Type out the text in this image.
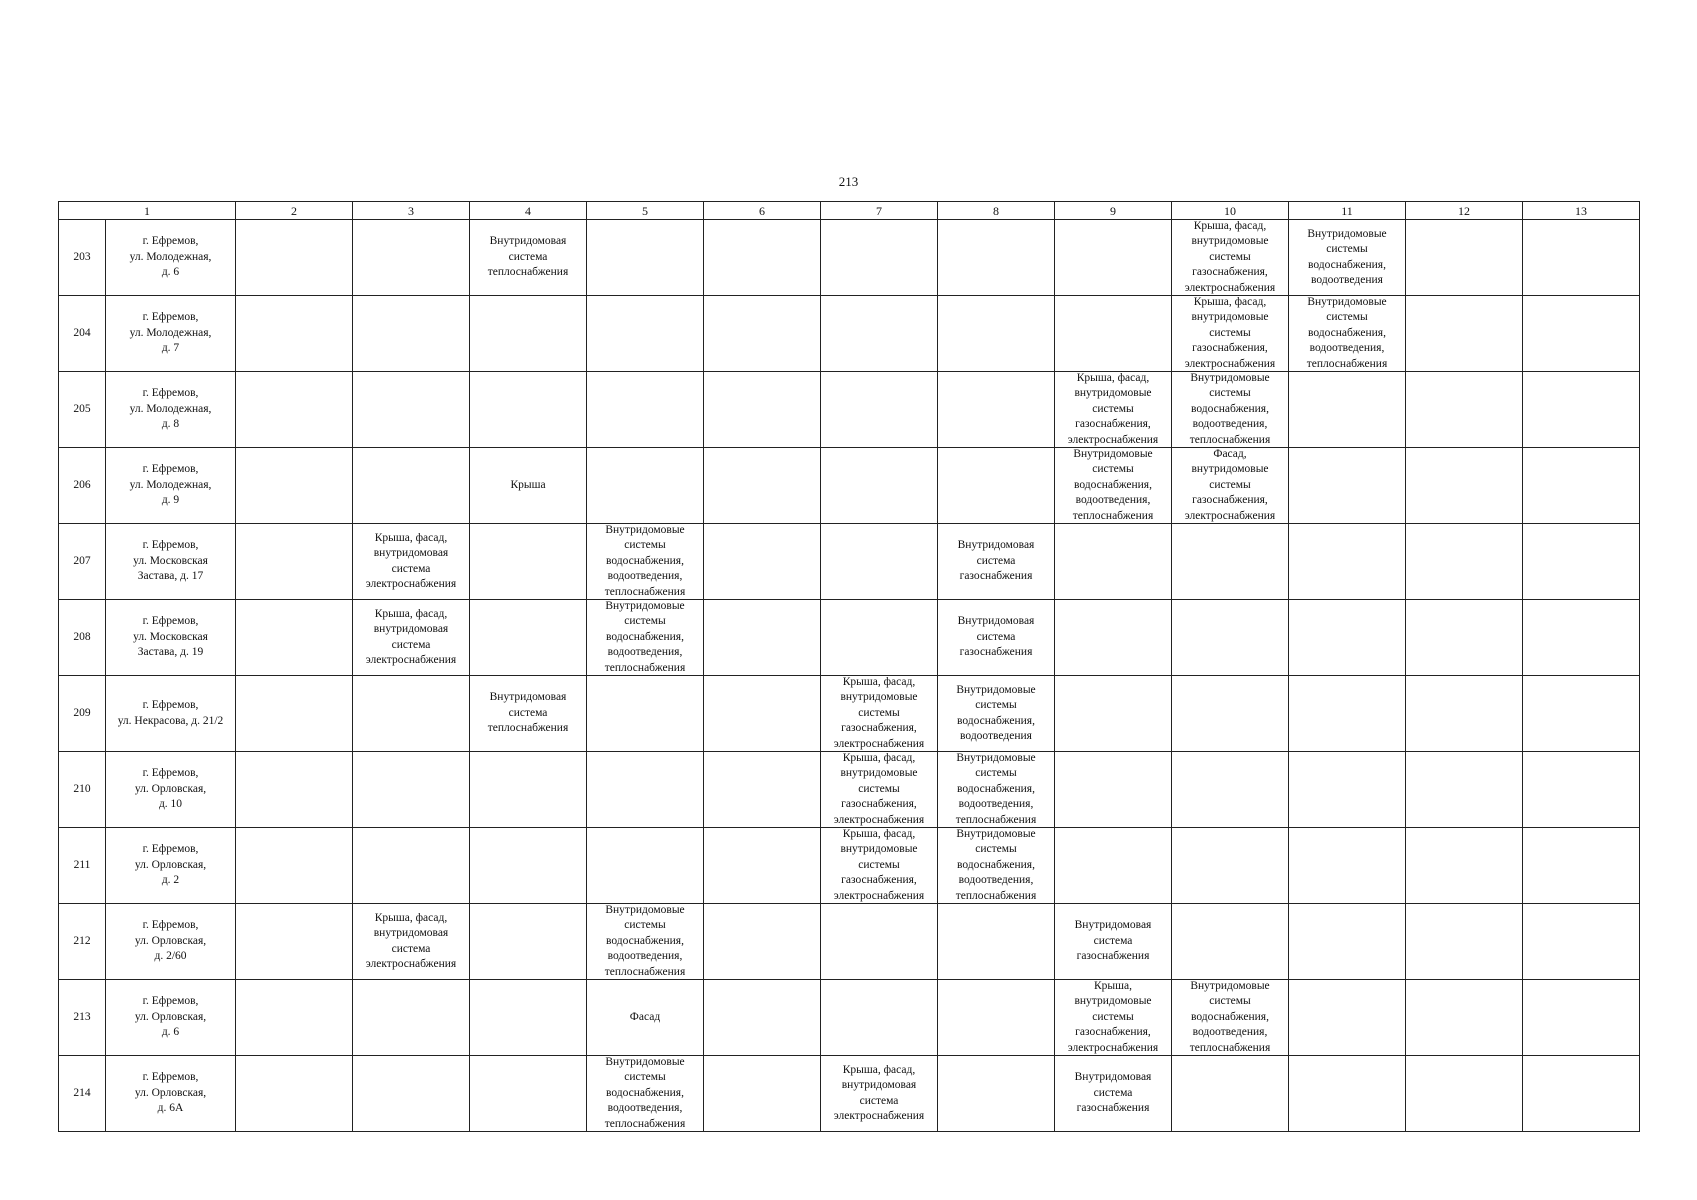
213
1		2	3	4	5	6	7	8	9	10	11	12	13

203	г. Ефремов,
ул. Молодежная,
д. 6			Внутридомовая
система
теплоснабжения						Крыша, фасад,
внутридомовые
системы
газоснабжения,
электроснабжения	Внутридомовые
системы
водоснабжения,
водоотведения		

204	г. Ефремов,
ул. Молодежная,
д. 7									Крыша, фасад,
внутридомовые
системы
газоснабжения,
электроснабжения	Внутридомовые
системы
водоснабжения,
водоотведения,
теплоснабжения		

205	г. Ефремов,
ул. Молодежная,
д. 8								Крыша, фасад,
внутридомовые
системы
газоснабжения,
электроснабжения	Внутридомовые
системы
водоснабжения,
водоотведения,
теплоснабжения			

206	г. Ефремов,
ул. Молодежная,
д. 9			Крыша					Внутридомовые
системы
водоснабжения,
водоотведения,
теплоснабжения	Фасад,
внутридомовые
системы
газоснабжения,
электроснабжения			

207	г. Ефремов,
ул. Московская
Застава, д. 17		Крыша, фасад,
внутридомовая
система
электроснабжения		Внутридомовые
системы
водоснабжения,
водоотведения,
теплоснабжения			Внутридомовая
система
газоснабжения					

208	г. Ефремов,
ул. Московская
Застава, д. 19		Крыша, фасад,
внутридомовая
система
электроснабжения		Внутридомовые
системы
водоснабжения,
водоотведения,
теплоснабжения			Внутридомовая
система
газоснабжения					

209	г. Ефремов,
ул. Некрасова, д. 21/2			Внутридомовая
система
теплоснабжения			Крыша, фасад,
внутридомовые
системы
газоснабжения,
электроснабжения	Внутридомовые
системы
водоснабжения,
водоотведения					

210	г. Ефремов,
ул. Орловская,
д. 10						Крыша, фасад,
внутридомовые
системы
газоснабжения,
электроснабжения	Внутридомовые
системы
водоснабжения,
водоотведения,
теплоснабжения					

211	г. Ефремов,
ул. Орловская,
д. 2						Крыша, фасад,
внутридомовые
системы
газоснабжения,
электроснабжения	Внутридомовые
системы
водоснабжения,
водоотведения,
теплоснабжения					

212	г. Ефремов,
ул. Орловская,
д. 2/60		Крыша, фасад,
внутридомовая
система
электроснабжения		Внутридомовые
системы
водоснабжения,
водоотведения,
теплоснабжения				Внутридомовая
система
газоснабжения				

213	г. Ефремов,
ул. Орловская,
д. 6				Фасад				Крыша,
внутридомовые
системы
газоснабжения,
электроснабжения	Внутридомовые
системы
водоснабжения,
водоотведения,
теплоснабжения			

214	г. Ефремов,
ул. Орловская,
д. 6А				Внутридомовые
системы
водоснабжения,
водоотведения,
теплоснабжения		Крыша, фасад,
внутридомовая
система
электроснабжения		Внутридомовая
система
газоснабжения				
